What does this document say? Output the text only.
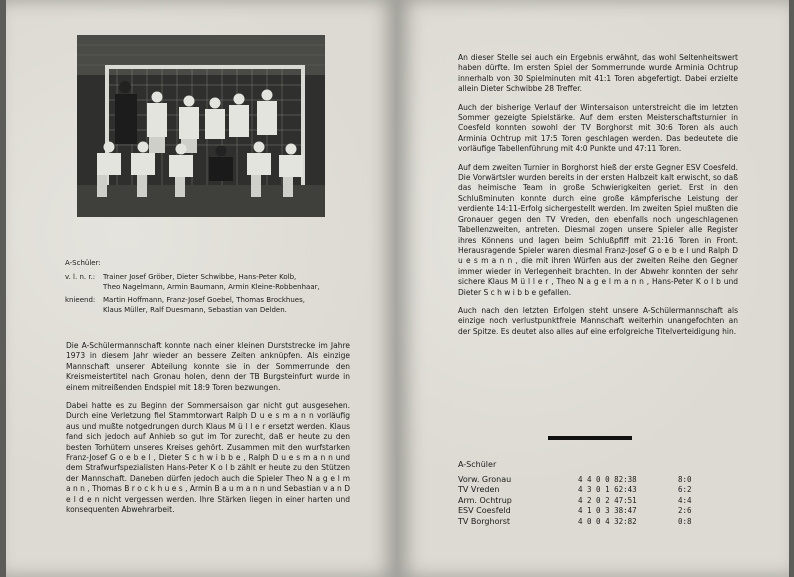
A-Schüler:
v. l. n. r.:	Trainer Josef Gröber, Dieter Schwibbe, Hans-Peter Kolb,
Theo Nagelmann, Armin Baumann, Armin Kleine-Robbenhaar,
knieend:	Martin Hoffmann, Franz-Josef Goebel, Thomas Brockhues,
Klaus Müller, Ralf Duesmann, Sebastian van Delden.

Die A-Schülermannschaft konnte nach einer kleinen Durststrecke im Jahre 1973 in diesem Jahr wieder an bessere Zeiten anknüpfen. Als einzige Mannschaft unserer Abteilung konnte sie in der Sommerrunde den Kreismeistertitel nach Gronau holen, denn der TB Burgsteinfurt wurde in einem mitreißenden Endspiel mit 18:9 Toren bezwungen.

Dabei hatte es zu Beginn der Sommersaison gar nicht gut ausgesehen. Durch eine Verletzung fiel Stammtorwart Ralph D u e s m a n n vorläufig aus und mußte notgedrungen durch Klaus M ü l l e r ersetzt werden. Klaus fand sich jedoch auf Anhieb so gut im Tor zurecht, daß er heute zu den besten Torhütern unseres Kreises gehört. Zusammen mit den wurfstarken Franz-Josef G o e b e l , Dieter S c h w i b b e , Ralph D u e s m a n n und dem Strafwurfspezialisten Hans-Peter K o l b zählt er heute zu den Stützen der Mannschaft. Daneben dürfen jedoch auch die Spieler Theo N a g e l m a n n , Thomas B r o c k h u e s , Armin B a u m a n n und Sebastian v a n D e l d e n nicht vergessen werden. Ihre Stärken liegen in einer harten und konsequenten Abwehrarbeit.

An dieser Stelle sei auch ein Ergebnis erwähnt, das wohl Seltenheitswert haben dürfte. Im ersten Spiel der Sommerrunde wurde Arminia Ochtrup innerhalb von 30 Spielminuten mit 41:1 Toren abgefertigt. Dabei erzielte allein Dieter Schwibbe 28 Treffer.

Auch der bisherige Verlauf der Wintersaison unterstreicht die im letzten Sommer gezeigte Spielstärke. Auf dem ersten Meisterschaftsturnier in Coesfeld konnten sowohl der TV Borghorst mit 30:6 Toren als auch Arminia Ochtrup mit 17:5 Toren geschlagen werden. Das bedeutete die vorläufige Tabellenführung mit 4:0 Punkte und 47:11 Toren.

Auf dem zweiten Turnier in Borghorst hieß der erste Gegner ESV Coesfeld. Die Vorwärtsler wurden bereits in der ersten Halbzeit kalt erwischt, so daß das heimische Team in große Schwierigkeiten geriet. Erst in den Schlußminuten konnte durch eine große kämpferische Leistung der verdiente 14:11-Erfolg sichergestellt werden. Im zweiten Spiel mußten die Gronauer gegen den TV Vreden, den ebenfalls noch ungeschlagenen Tabellenzweiten, antreten. Diesmal zogen unsere Spieler alle Register ihres Könnens und lagen beim Schlußpfiff mit 21:16 Toren in Front. Herausragende Spieler waren diesmal Franz-Josef G o e b e l und Ralph D u e s m a n n , die mit ihren Würfen aus der zweiten Reihe den Gegner immer wieder in Verlegenheit brachten. In der Abwehr konnten der sehr sichere Klaus M ü l l e r , Theo N a g e l m a n n , Hans-Peter K o l b und Dieter S c h w i b b e gefallen.

Auch nach den letzten Erfolgen steht unsere A-Schülermannschaft als einzige noch verlustpunktfreie Mannschaft weiterhin unangefochten an der Spitze. Es deutet also alles auf eine erfolgreiche Titelverteidigung hin.

A-Schüler
Vorw. Gronau	4 4 0 0 82:38	8:0
TV Vreden	4 3 0 1 62:43	6:2
Arm. Ochtrup	4 2 0 2 47:51	4:4
ESV Coesfeld	4 1 0 3 38:47	2:6
TV Borghorst	4 0 0 4 32:82	0:8
